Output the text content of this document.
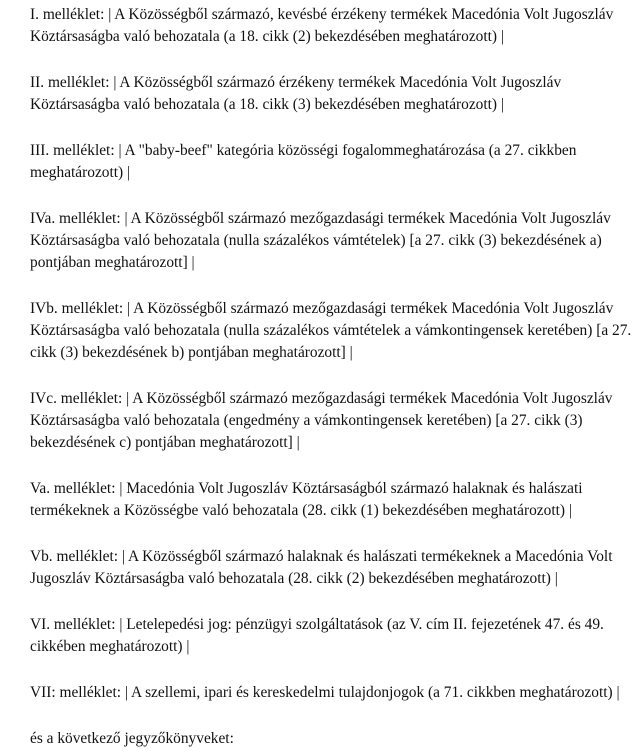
I. melléklet: | A Közösségből származó, kevésbé érzékeny termékek Macedónia Volt Jugoszláv Köztársaságba való behozatala (a 18. cikk (2) bekezdésében meghatározott) |

II. melléklet: | A Közösségből származó érzékeny termékek Macedónia Volt Jugoszláv Köztársaságba való behozatala (a 18. cikk (3) bekezdésében meghatározott) |

III. melléklet: | A "baby-beef" kategória közösségi fogalommeghatározása (a 27. cikkben meghatározott) |

IVa. melléklet: | A Közösségből származó mezőgazdasági termékek Macedónia Volt Jugoszláv Köztársaságba való behozatala (nulla százalékos vámtételek) [a 27. cikk (3) bekezdésének a) pontjában meghatározott] |

IVb. melléklet: | A Közösségből származó mezőgazdasági termékek Macedónia Volt Jugoszláv Köztársaságba való behozatala (nulla százalékos vámtételek a vámkontingensek keretében) [a 27. cikk (3) bekezdésének b) pontjában meghatározott] |

IVc. melléklet: | A Közösségből származó mezőgazdasági termékek Macedónia Volt Jugoszláv Köztársaságba való behozatala (engedmény a vámkontingensek keretében) [a 27. cikk (3) bekezdésének c) pontjában meghatározott] |

Va. melléklet: | Macedónia Volt Jugoszláv Köztársaságból származó halaknak és halászati termékeknek a Közösségbe való behozatala (28. cikk (1) bekezdésében meghatározott) |

Vb. melléklet: | A Közösségből származó halaknak és halászati termékeknek a Macedónia Volt Jugoszláv Köztársaságba való behozatala (28. cikk (2) bekezdésében meghatározott) |

VI. melléklet: | Letelepedési jog: pénzügyi szolgáltatások (az V. cím II. fejezetének 47. és 49. cikkében meghatározott) |

VII: melléklet: | A szellemi, ipari és kereskedelmi tulajdonjogok (a 71. cikkben meghatározott) |

és a következő jegyzőkönyveket:
